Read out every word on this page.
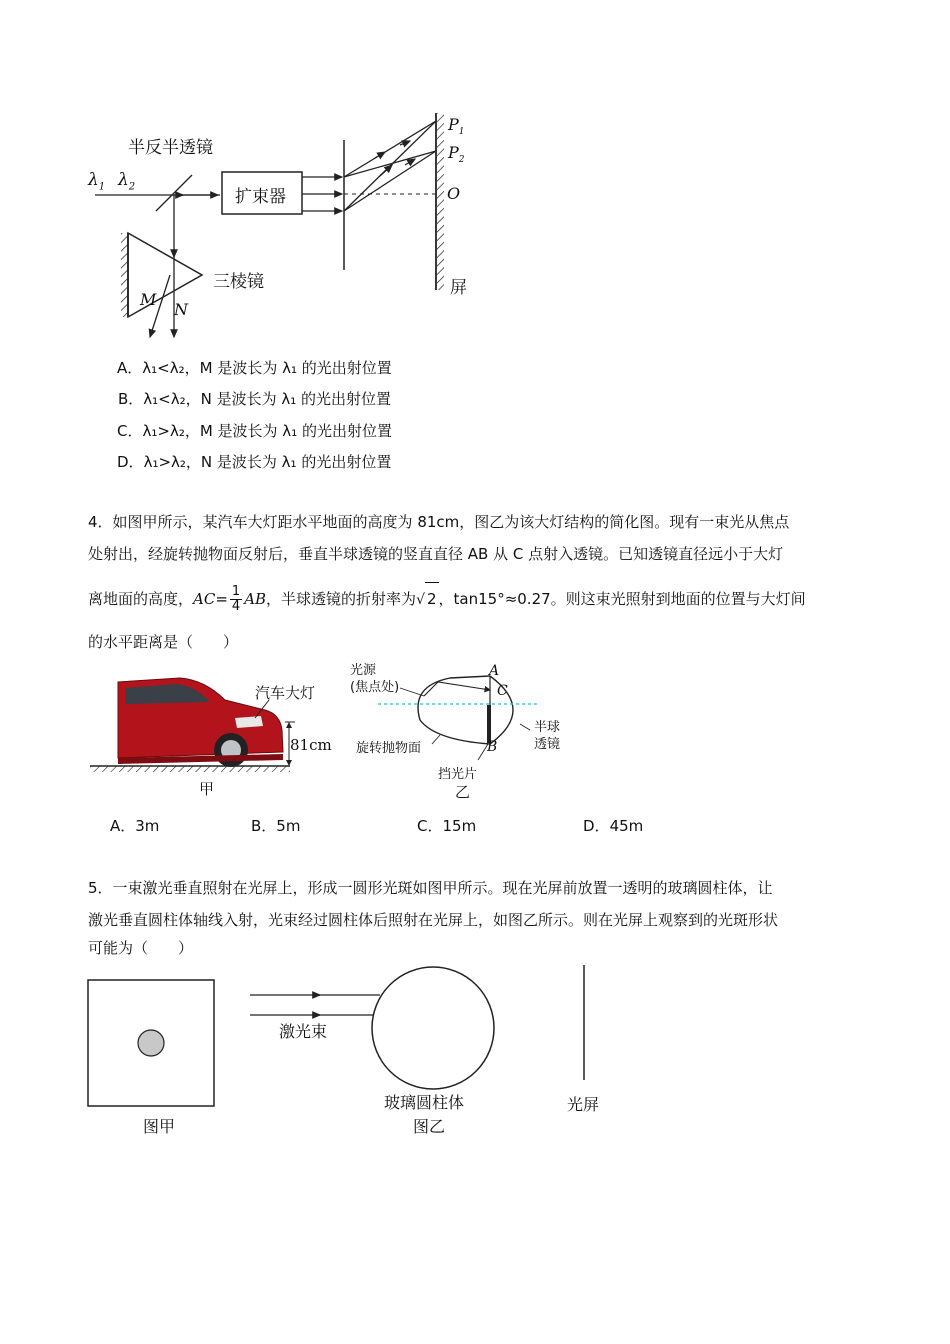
半反半透镜
$\lambda_1$ $\lambda_2$
扩束器
三棱镜
M
N
$P_1$
$P_2$
O
屏
A．λ₁<λ₂，M 是波长为 λ₁ 的光出射位置
B．λ₁<λ₂，N 是波长为 λ₁ 的光出射位置
C．λ₁>λ₂，M 是波长为 λ₁ 的光出射位置
D．λ₁>λ₂，N 是波长为 λ₁ 的光出射位置
4．如图甲所示，某汽车大灯距水平地面的高度为 81cm，图乙为该大灯结构的简化图。现有一束光从焦点
处射出，经旋转抛物面反射后，垂直半球透镜的竖直直径 AB 从 C 点射入透镜。已知透镜直径远小于大灯
离地面的高度，$AC= \frac{1}{4}$ AB，半球透镜的折射率为√ 2 ，tan15°≈0.27。则这束光照射到地面的位置与大灯间
的水平距离是（　　）
汽车大灯
81cm
甲
光源
(焦点处)
A
C
B
半球
透镜
旋转抛物面
挡光片
乙
A．3m	B．5m	C．15m	D．45m
5．一束激光垂直照射在光屏上，形成一圆形光斑如图甲所示。现在光屏前放置一透明的玻璃圆柱体，让
激光垂直圆柱体轴线入射，光束经过圆柱体后照射在光屏上，如图乙所示。则在光屏上观察到的光斑形状
可能为（　　）
图甲
激光束
玻璃圆柱体
图乙
光屏
